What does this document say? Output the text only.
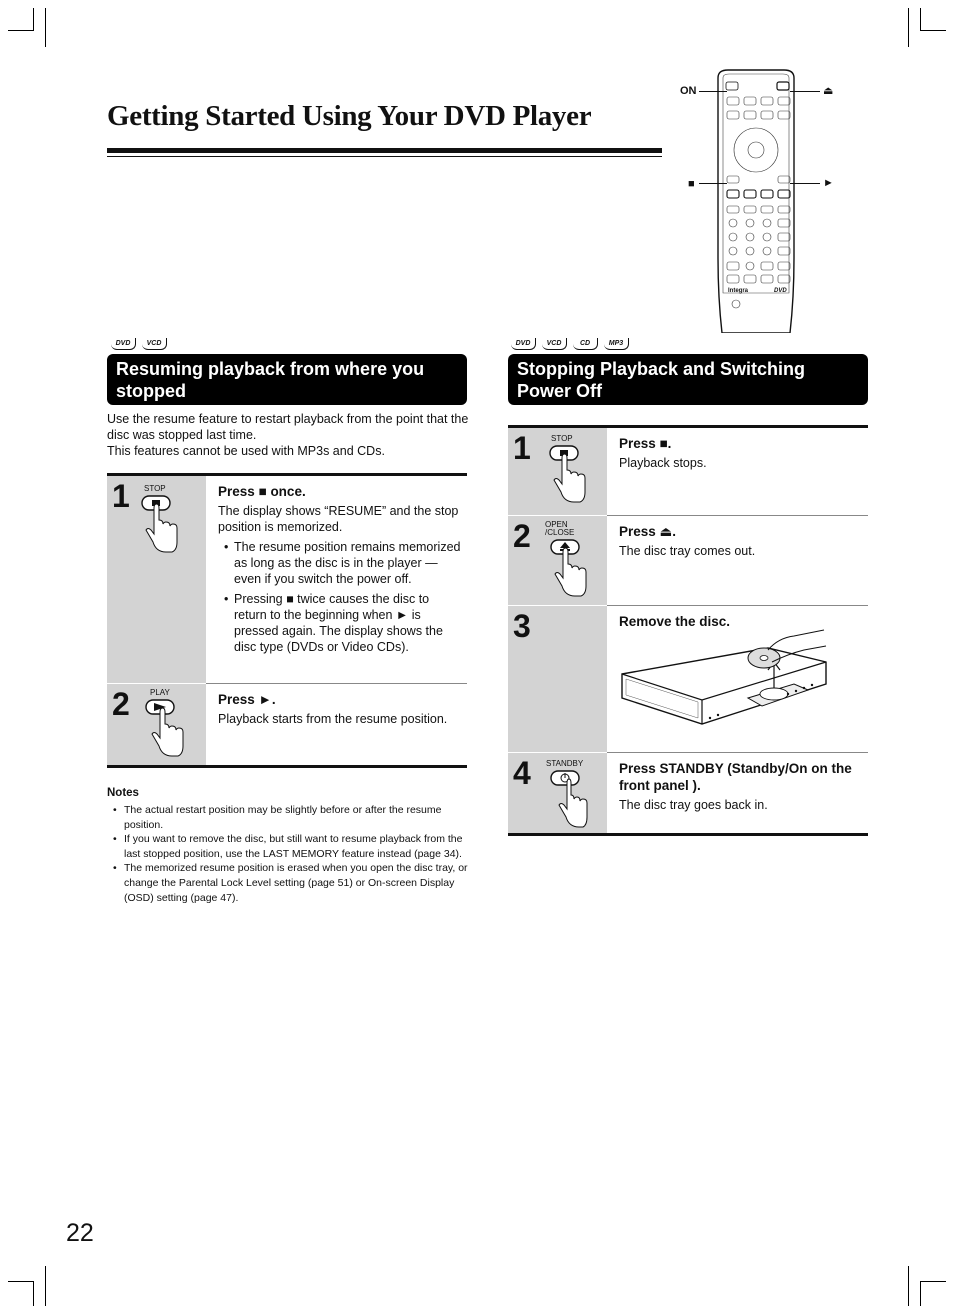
Getting Started Using Your DVD Player
Integra	DVD
ON	⏏
■	►
DVD	VCD
Resuming playback from where you stopped

Use the resume feature to restart playback from the point that the disc was stopped last time.

This features cannot be used with MP3s and CDs.

1 STOP	Press ■ once.
The display shows “RESUME” and the stop position is memorized.
• The resume position remains memorized as long as the disc is in the player — even if you switch the power off.
• Pressing ■ twice causes the disc to return to the beginning when ► is pressed again. The display shows the disc type (DVDs or Video CDs).
2	PLAY	Press ►.
Playback starts from the resume position.
Notes
• The actual restart position may be slightly before or after the resume position.
• If you want to remove the disc, but still want to resume playback from the last stopped position, use the LAST MEMORY feature instead (page 34).
• The memorized resume position is erased when you open the disc tray, or change the Parental Lock Level setting (page 51) or On-screen Display (OSD) setting (page 47).
DVD	VCD	CD	MP3
Stopping Playback and Switching Power Off
1	STOP	Press ■.
Playback stops.
2 OPEN
/CLOSE	Press ⏏.
The disc tray comes out.
3	Remove the disc.
4 STANDBY	Press STANDBY (Standby/On on the front panel ).
The disc tray goes back in.
22
